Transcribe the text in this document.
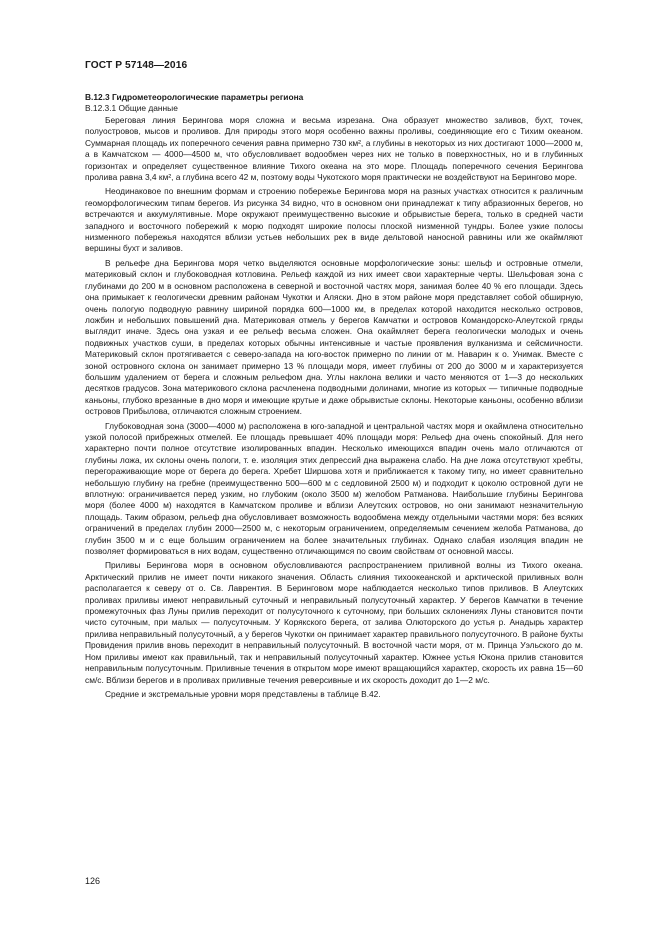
ГОСТ Р 57148—2016

В.12.3 Гидрометеорологические параметры региона

В.12.3.1 Общие данные

Береговая линия Берингова моря сложна и весьма изрезана. Она образует множество заливов, бухт, точек, полуостровов, мысов и проливов. Для природы этого моря особенно важны проливы, соединяющие его с Тихим океаном. Суммарная площадь их поперечного сечения равна примерно 730 км², а глубины в некоторых из них достигают 1000—2000 м, а в Камчатском — 4000—4500 м, что обусловливает водообмен через них не только в поверхностных, но и в глубинных горизонтах и определяет существенное влияние Тихого океана на это море. Площадь поперечного сечения Берингова пролива равна 3,4 км², а глубина всего 42 м, поэтому воды Чукотского моря практически не воздействуют на Берингово море.

Неодинаковое по внешним формам и строению побережье Берингова моря на разных участках относится к различным геоморфологическим типам берегов. Из рисунка 34 видно, что в основном они принадлежат к типу абразионных берегов, но встречаются и аккумулятивные. Море окружают преимущественно высокие и обрывистые берега, только в средней части западного и восточного побережий к морю подходят широкие полосы плоской низменной тундры. Более узкие полосы низменного побережья находятся вблизи устьев небольших рек в виде дельтовой наносной равнины или же окаймляют вершины бухт и заливов.

В рельефе дна Берингова моря четко выделяются основные морфологические зоны: шельф и островные отмели, материковый склон и глубоководная котловина. Рельеф каждой из них имеет свои характерные черты. Шельфовая зона с глубинами до 200 м в основном расположена в северной и восточной частях моря, занимая более 40 % его площади. Здесь она примыкает к геологически древним районам Чукотки и Аляски. Дно в этом районе моря представляет собой обширную, очень пологую подводную равнину шириной порядка 600—1000 км, в пределах которой находится несколько островов, ложбин и небольших повышений дна. Материковая отмель у берегов Камчатки и островов Командорско-Алеутской гряды выглядит иначе. Здесь она узкая и ее рельеф весьма сложен. Она окаймляет берега геологически молодых и очень подвижных участков суши, в пределах которых обычны интенсивные и частые проявления вулканизма и сейсмичности. Материковый склон протягивается с северо-запада на юго-восток примерно по линии от м. Наварин к о. Унимак. Вместе с зоной островного склона он занимает примерно 13 % площади моря, имеет глубины от 200 до 3000 м и характеризуется большим удалением от берега и сложным рельефом дна. Углы наклона велики и часто меняются от 1—3 до нескольких десятков градусов. Зона материкового склона расчленена подводными долинами, многие из которых — типичные подводные каньоны, глубоко врезанные в дно моря и имеющие крутые и даже обрывистые склоны. Некоторые каньоны, особенно вблизи островов Прибылова, отличаются сложным строением.

Глубоководная зона (3000—4000 м) расположена в юго-западной и центральной частях моря и окаймлена относительно узкой полосой прибрежных отмелей. Ее площадь превышает 40% площади моря: Рельеф дна очень спокойный. Для него характерно почти полное отсутствие изолированных впадин. Несколько имеющихся впадин очень мало отличаются от глубины ложа, их склоны очень пологи, т. е. изоляция этих депрессий дна выражена слабо. На дне ложа отсутствуют хребты, перегораживающие море от берега до берега. Хребет Ширшова хотя и приближается к такому типу, но имеет сравнительно небольшую глубину на гребне (преимущественно 500—600 м с седловиной 2500 м) и подходит к цоколю островной дуги не вплотную: ограничивается перед узким, но глубоким (около 3500 м) желобом Ратманова. Наибольшие глубины Берингова моря (более 4000 м) находятся в Камчатском проливе и вблизи Алеутских островов, но они занимают незначительную площадь. Таким образом, рельеф дна обусловливает возможность водообмена между отдельными частями моря: без всяких ограничений в пределах глубин 2000—2500 м, с некоторым ограничением, определяемым сечением желоба Ратманова, до глубин 3500 м и с еще большим ограничением на более значительных глубинах. Однако слабая изоляция впадин не позволяет формироваться в них водам, существенно отличающимся по своим свойствам от основной массы.

Приливы Берингова моря в основном обусловливаются распространением приливной волны из Тихого океана. Арктический прилив не имеет почти никакого значения. Область слияния тихоокеанской и арктической приливных волн располагается к северу от о. Св. Лаврентия. В Беринговом море наблюдается несколько типов приливов. В Алеутских проливах приливы имеют неправильный суточный и неправильный полусуточный характер. У берегов Камчатки в течение промежуточных фаз Луны прилив переходит от полусуточного к суточному, при больших склонениях Луны становится почти чисто суточным, при малых — полусуточным. У Корякского берега, от залива Олюторского до устья р. Анадырь характер прилива неправильный полусуточный, а у берегов Чукотки он принимает характер правильного полусуточного. В районе бухты Провидения прилив вновь переходит в неправильный полусуточный. В восточной части моря, от м. Принца Уэльского до м. Ном приливы имеют как правильный, так и неправильный полусуточный характер. Южнее устья Юкона прилив становится неправильным полусуточным. Приливные течения в открытом море имеют вращающийся характер, скорость их равна 15—60 см/с. Вблизи берегов и в проливах приливные течения реверсивные и их скорость доходит до 1—2 м/с.

Средние и экстремальные уровни моря представлены в таблице В.42.

126
